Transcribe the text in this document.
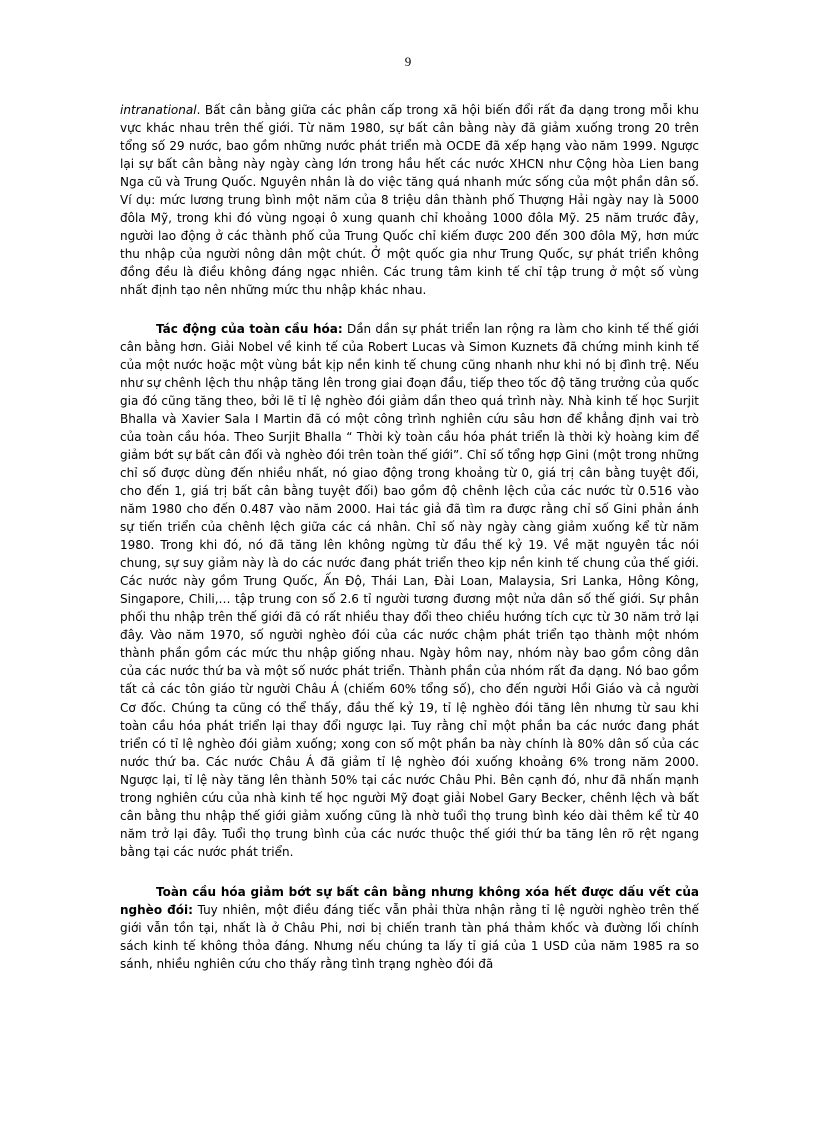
9

intranational. Bất cân bằng giữa các phân cấp trong xã hội biến đổi rất đa dạng trong mỗi khu vực khác nhau trên thế giới. Từ năm 1980, sự bất cân bằng này đã giảm xuống trong 20 trên tổng số 29 nước, bao gồm những nước phát triển mà OCDE đã xếp hạng vào năm 1999. Ngược lại sự bất cân bằng này ngày càng lớn trong hầu hết các nước XHCN như Cộng hòa Lien bang Nga cũ và Trung Quốc. Nguyên nhân là do việc tăng quá nhanh mức sống của một phần dân số. Ví dụ: mức lương trung bình một năm của 8 triệu dân thành phố Thượng Hải ngày nay là 5000 đôla Mỹ, trong khi đó vùng ngoại ô xung quanh chỉ khoảng 1000 đôla Mỹ. 25 năm trước đây, người lao động ở các thành phố của Trung Quốc chỉ kiếm được 200 đến 300 đôla Mỹ, hơn mức thu nhập của người nông dân một chút. Ở một quốc gia như Trung Quốc, sự phát triển không đồng đều là điều không đáng ngạc nhiên. Các trung tâm kinh tế chỉ tập trung ở một số vùng nhất định tạo nên những mức thu nhập khác nhau.

Tác động của toàn cầu hóa: Dần dần sự phát triển lan rộng ra làm cho kinh tế thế giới cân bằng hơn. Giải Nobel về kinh tế của Robert Lucas và Simon Kuznets đã chứng minh kinh tế của một nước hoặc một vùng bắt kịp nền kinh tế chung cũng nhanh như khi nó bị đình trệ. Nếu như sự chênh lệch thu nhập tăng lên trong giai đoạn đầu, tiếp theo tốc độ tăng trưởng của quốc gia đó cũng tăng theo, bởi lẽ tỉ lệ nghèo đói giảm dần theo quá trình này. Nhà kinh tế học Surjit Bhalla và Xavier Sala I Martin đã có một công trình nghiên cứu sâu hơn để khẳng định vai trò của toàn cầu hóa. Theo Surjit Bhalla “ Thời kỳ toàn cầu hóa phát triển là thời kỳ hoàng kim để giảm bớt sự bất cân đối và nghèo đói trên toàn thế giới”. Chỉ số tổng hợp Gini (một trong những chỉ số được dùng đến nhiều nhất, nó giao động trong khoảng từ 0, giá trị cân bằng tuyệt đối, cho đến 1, giá trị bất cân bằng tuyệt đối) bao gồm độ chênh lệch của các nước từ 0.516 vào năm 1980 cho đến 0.487 vào năm 2000. Hai tác giả đã tìm ra được rằng chỉ số Gini phản ánh sự tiến triển của chênh lệch giữa các cá nhân. Chỉ số này ngày càng giảm xuống kể từ năm 1980. Trong khi đó, nó đã tăng lên không ngừng từ đầu thế kỷ 19. Về mặt nguyên tắc nói chung, sự suy giảm này là do các nước đang phát triển theo kịp nền kinh tế chung của thế giới. Các nước này gồm Trung Quốc, Ấn Độ, Thái Lan, Đài Loan, Malaysia, Sri Lanka, Hông Kông, Singapore, Chili,… tập trung con số 2.6 tỉ người tương đương một nửa dân số thế giới. Sự phân phối thu nhập trên thế giới đã có rất nhiều thay đổi theo chiều hướng tích cực từ 30 năm trở lại đây. Vào năm 1970, số người nghèo đói của các nước chậm phát triển tạo thành một nhóm thành phần gồm các mức thu nhập giống nhau. Ngày hôm nay, nhóm này bao gồm công dân của các nước thứ ba và một số nước phát triển. Thành phần của nhóm rất đa dạng. Nó bao gồm tất cả các tôn giáo từ người Châu Á (chiếm 60% tổng số), cho đến người Hồi Giáo và cả người Cơ đốc. Chúng ta cũng có thể thấy, đầu thế kỷ 19, tỉ lệ nghèo đói tăng lên nhưng từ sau khi toàn cầu hóa phát triển lại thay đổi ngược lại. Tuy rằng chỉ một phần ba các nước đang phát triển có tỉ lệ nghèo đói giảm xuống; xong con số một phần ba này chính là 80% dân số của các nước thứ ba. Các nước Châu Á đã giảm tỉ lệ nghèo đói xuống khoảng 6% trong năm 2000. Ngược lại, tỉ lệ này tăng lên thành 50% tại các nước Châu Phi. Bên cạnh đó, như đã nhấn mạnh trong nghiên cứu của nhà kinh tế học người Mỹ đoạt giải Nobel Gary Becker, chênh lệch và bất cân bằng thu nhập thế giới giảm xuống cũng là nhờ tuổi thọ trung bình kéo dài thêm kể từ 40 năm trở lại đây. Tuổi thọ trung bình của các nước thuộc thế giới thứ ba tăng lên rõ rệt ngang bằng tại các nước phát triển.

Toàn cầu hóa giảm bớt sự bất cân bằng nhưng không xóa hết được dấu vết của nghèo đói: Tuy nhiên, một điều đáng tiếc vẫn phải thừa nhận rằng tỉ lệ người nghèo trên thế giới vẫn tồn tại, nhất là ở Châu Phi, nơi bị chiến tranh tàn phá thảm khốc và đường lối chính sách kinh tế không thỏa đáng. Nhưng nếu chúng ta lấy tỉ giá của 1 USD của năm 1985 ra so sánh, nhiều nghiên cứu cho thấy rằng tình trạng nghèo đói đã
